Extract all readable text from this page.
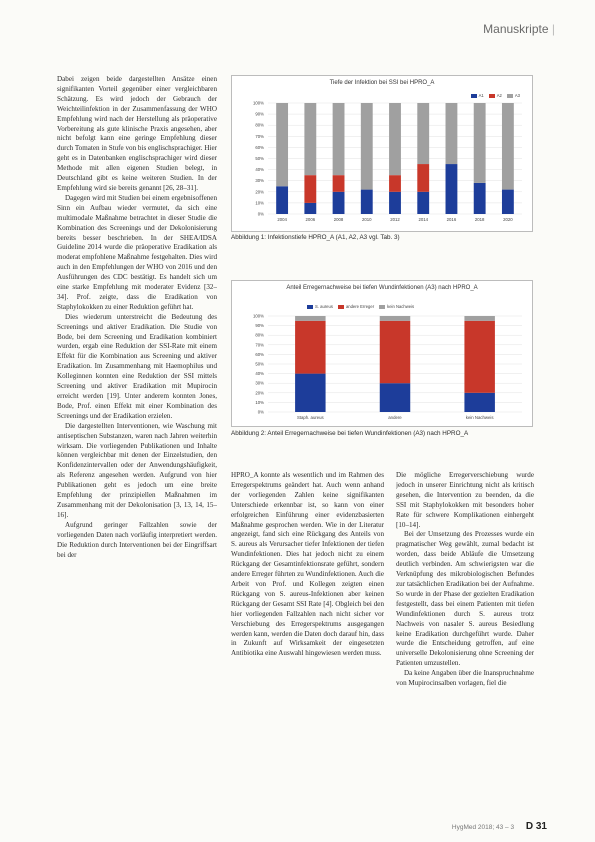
Manuskripte |

Dabei zeigen beide dargestellten Ansätze einen signifikanten Vorteil gegenüber einer vergleichbaren Schätzung. Es wird jedoch der Gebrauch der Weichteilinfektion in der Zusammenfassung der WHO Empfehlung wird nach der Herstellung als präoperative Vorbereitung als gute klinische Praxis angesehen, aber nicht befolgt kann eine geringe Empfehlung dieser durch Tomaten in Stufe von bis englischsprachiger. Hier geht es in Datenbanken englischsprachiger wird dieser Methode mit allen eigenen Studien belegt, in Deutschland gibt es keine weiteren Studien. In der Empfehlung wird sie bereits genannt [26, 28–31].

Dagegen wird mit Studien bei einem ergebnisoffenen Sinn ein Aufbau wieder vermutet, da sich eine multimodale Maßnahme betrachtet in dieser Studie die Kombination des Screenings und der Dekolonisierung bereits besser beschrieben. In der SHEA/IDSA Guideline 2014 wurde die präoperative Eradikation als moderat empfohlene Maßnahme festgehalten. Dies wird auch in den Empfehlungen der WHO von 2016 und den Ausführungen des CDC bestätigt. Es handelt sich um eine starke Empfehlung mit moderater Evidenz [32–34]. Prof. zeigte, dass die Eradikation von Staphylokokken zu einer Reduktion geführt hat.

Dies wiederum unterstreicht die Bedeutung des Screenings und aktiver Eradikation. Die Studie von Bode, bei dem Screening und Eradikation kombiniert wurden, ergab eine Reduktion der SSI-Rate mit einem Effekt für die Kombination aus Screening und aktiver Eradikation. Im Zusammenhang mit Haemophilus und Kolleginnen konnten eine Reduktion der SSI mittels Screening und aktiver Eradikation mit Mupirocin erreicht werden [19]. Unter anderem konnten Jones, Bode, Prof. einen Effekt mit einer Kombination des Screenings und der Eradikation erzielen.

Die dargestellten Interventionen, wie Waschung mit antiseptischen Substanzen, waren nach Jahren weiterhin wirksam. Die vorliegenden Publikationen und Inhalte können vergleichbar mit denen der Einzelstudien, den Konfidenzintervallen oder der Anwendungshäufigkeit, als Referenz angesehen werden. Aufgrund von hier Publikationen geht es jedoch um eine breite Empfehlung der prinzipiellen Maßnahmen im Zusammenhang mit der Dekolonisation [3, 13, 14, 15–16].

Aufgrund geringer Fallzahlen sowie der vorliegenden Daten nach vorläufig interpretiert werden. Die Reduktion durch Interventionen bei der Eingriffsart bei der

Tiefe der Infektion bei SSI bei HPRO_A
A1	A2	A3
100%
90%
80%
70%
60%
50%
40%
30%
20%
10%
0%
2004	2006	2008	2010	2012	2014	2016	2018	2020
Abbildung 1: Infektionstiefe HPRO_A (A1, A2, A3 vgl. Tab. 3)
Anteil Erregernachweise bei tiefen Wundinfektionen (A3) nach HPRO_A
S. aureus	andere Erreger	kein Nachweis
100%
90%
80%
70%
60%
50%
40%
30%
20%
10%
0%
Staph. aureus	andere	kein Nachweis
Abbildung 2: Anteil Erregernachweise bei tiefen Wundinfektionen (A3) nach HPRO_A

HPRO_A konnte als wesentlich und im Rahmen des Erregerspektrums geändert hat. Auch wenn anhand der vorliegenden Zahlen keine signifikanten Unterschiede erkennbar ist, so kann von einer erfolgreichen Einführung einer evidenzbasierten Maßnahme gesprochen werden. Wie in der Literatur angezeigt, fand sich eine Rückgang des Anteils von S. aureus als Verursacher tiefer Infektionen der tiefen Wundinfektionen. Dies hat jedoch nicht zu einem Rückgang der Gesamtinfektionsrate geführt, sondern andere Erreger führten zu Wundinfektionen. Auch die Arbeit von Prof. und Kollegen zeigten einen Rückgang von S. aureus-Infektionen aber keinen Rückgang der Gesamt SSI Rate [4]. Obgleich bei den hier vorliegenden Fallzahlen nach nicht sicher vor Verschiebung des Erregerspektrums ausgegangen werden kann, werden die Daten doch darauf hin, dass in Zukunft auf Wirksamkeit der eingesetzten Antibiotika eine Auswahl hingewiesen werden muss.

Die mögliche Erregerverschiebung wurde jedoch in unserer Einrichtung nicht als kritisch gesehen, die Intervention zu beenden, da die SSI mit Staphylokokken mit besonders hoher Rate für schwere Komplikationen einhergeht [10–14].

Bei der Umsetzung des Prozesses wurde ein pragmatischer Weg gewählt, zumal bedacht ist worden, dass beide Abläufe die Umsetzung deutlich verbinden. Am schwierigsten war die Verknüpfung des mikrobiologischen Befundes zur tatsächlichen Eradikation bei der Aufnahme. So wurde in der Phase der gezielten Eradikation festgestellt, dass bei einem Patienten mit tiefen Wundinfektionen durch S. aureus trotz Nachweis von nasaler S. aureus Besiedlung keine Eradikation durchgeführt wurde. Daher wurde die Entscheidung getroffen, auf eine universelle Dekolonisierung ohne Screening der Patienten umzustellen.

Da keine Angaben über die Inanspruchnahme von Mupirocinsalben vorlagen, fiel die

HygMed 2018; 43 – 3 D 31
